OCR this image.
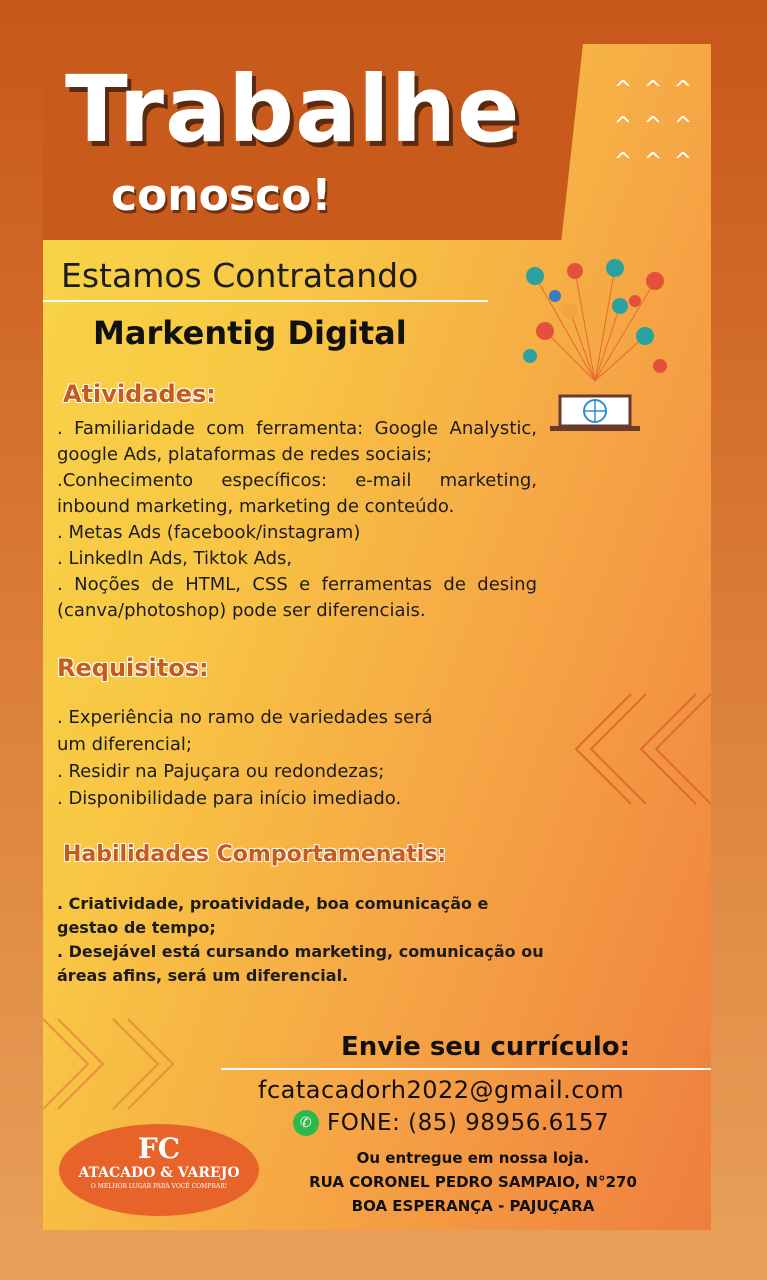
Trabalhe
conosco!
^ ^ ^ ^ ^ ^ ^ ^ ^
Estamos Contratando
Markentig Digital
Atividades:
. Familiaridade com ferramenta: Google Analystic, google Ads, plataformas de redes sociais;
.Conhecimento específicos: e-mail marketing, inbound marketing, marketing de conteúdo.
. Metas Ads (facebook/instagram)
. Linkedln Ads, Tiktok Ads,
. Noções de HTML, CSS e ferramentas de desing (canva/photoshop) pode ser diferenciais.
Requisitos:
. Experiência no ramo de variedades será um diferencial;
. Residir na Pajuçara ou redondezas;
. Disponibilidade para início imediado.
Habilidades Comportamenatis:
. Criatividade, proatividade, boa comunicação e gestao de tempo;
. Desejável está cursando marketing, comunicação ou áreas afins, será um diferencial.
Envie seu currículo:
fcatacadorh2022@gmail.com
✆ FONE: (85) 98956.6157
Ou entregue em nossa loja.
RUA CORONEL PEDRO SAMPAIO, N°270
BOA ESPERANÇA - PAJUÇARA
FC
ATACADO & VAREJO
O MELHOR LUGAR PARA VOCÊ COMPRAR!
